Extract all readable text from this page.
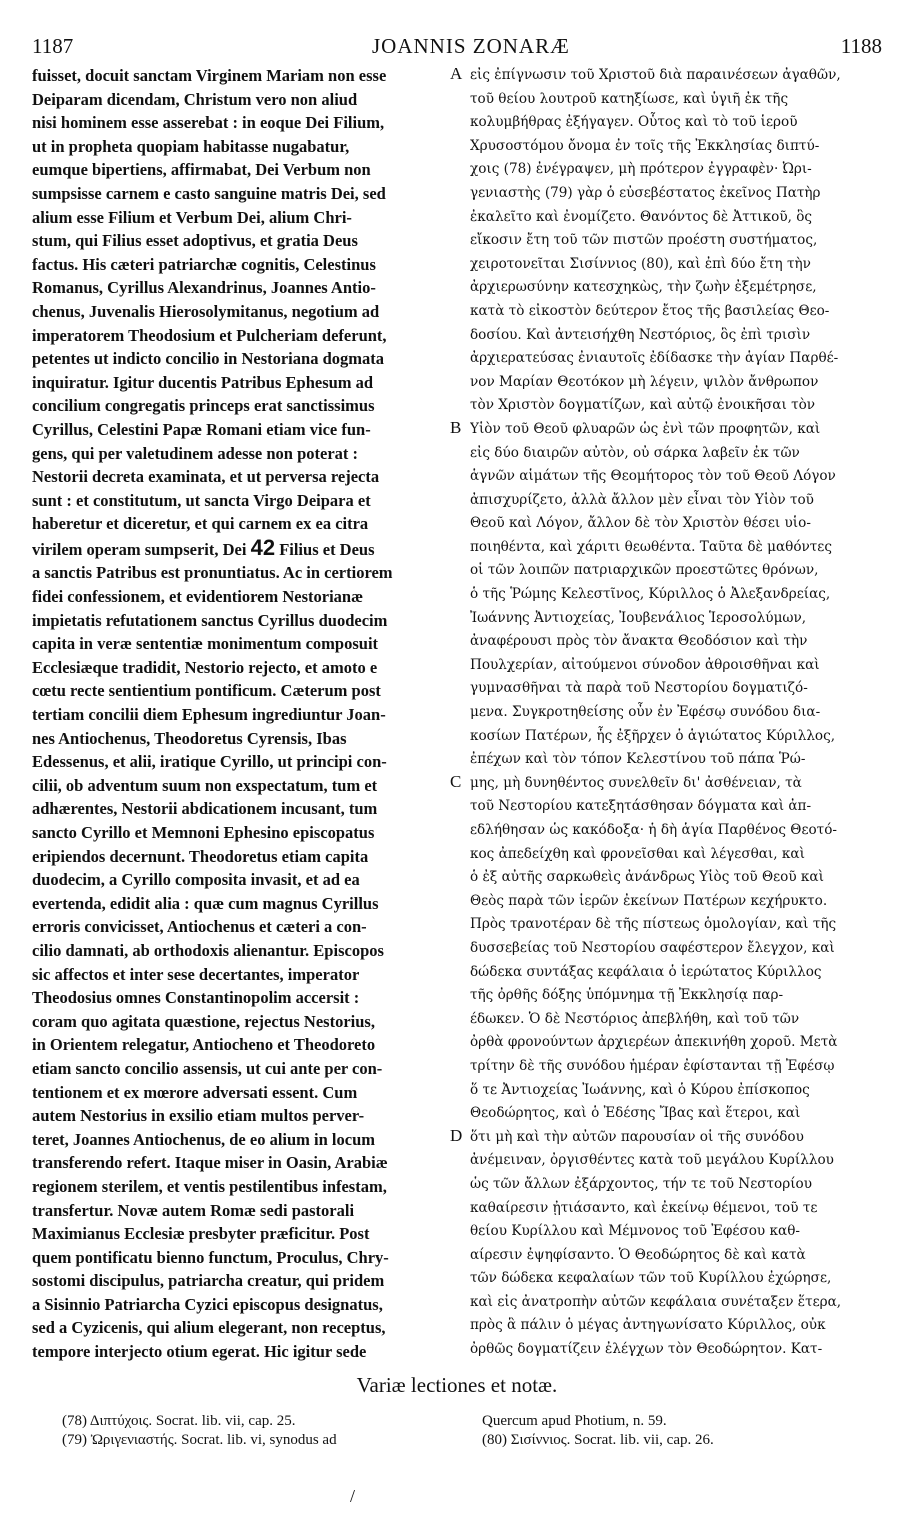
1187	JOANNIS ZONARÆ	1188
fuisset, docuit sanctam Virginem Mariam non esse
Deiparam dicendam, Christum vero non aliud
nisi hominem esse asserebat : in eoque Dei Filium,
ut in propheta quopiam habitasse nugabatur,
eumque bipertiens, affirmabat, Dei Verbum non
sumpsisse carnem e casto sanguine matris Dei, sed
alium esse Filium et Verbum Dei, alium Chri-
stum, qui Filius esset adoptivus, et gratia Deus
factus. His cæteri patriarchæ cognitis, Celestinus
Romanus, Cyrillus Alexandrinus, Joannes Antio-
chenus, Juvenalis Hierosolymitanus, negotium ad
imperatorem Theodosium et Pulcheriam deferunt,
petentes ut indicto concilio in Nestoriana dogmata
inquiratur. Igitur ducentis Patribus Ephesum ad
concilium congregatis princeps erat sanctissimus
Cyrillus, Celestini Papæ Romani etiam vice fun-
gens, qui per valetudinem adesse non poterat :
Nestorii decreta examinata, et ut perversa rejecta
sunt : et constitutum, ut sancta Virgo Deipara et
haberetur et diceretur, et qui carnem ex ea citra
virilem operam sumpserit, Dei 42 Filius et Deus
a sanctis Patribus est pronuntiatus. Ac in certiorem
fidei confessionem, et evidentiorem Nestorianæ
impietatis refutationem sanctus Cyrillus duodecim
capita in veræ sententiæ monimentum composuit
Ecclesiæque tradidit, Nestorio rejecto, et amoto e
cœtu recte sentientium pontificum. Cæterum post
tertiam concilii diem Ephesum ingrediuntur Joan-
nes Antiochenus, Theodoretus Cyrensis, Ibas
Edessenus, et alii, iratique Cyrillo, ut principi con-
cilii, ob adventum suum non exspectatum, tum et
adhærentes, Nestorii abdicationem incusant, tum
sancto Cyrillo et Memnoni Ephesino episcopatus
eripiendos decernunt. Theodoretus etiam capita
duodecim, a Cyrillo composita invasit, et ad ea
evertenda, edidit alia : quæ cum magnus Cyrillus
erroris convicisset, Antiochenus et cæteri a con-
cilio damnati, ab orthodoxis alienantur. Episcopos
sic affectos et inter sese decertantes, imperator
Theodosius omnes Constantinopolim accersit :
coram quo agitata quæstione, rejectus Nestorius,
in Orientem relegatur, Antiocheno et Theodoreto
etiam sancto concilio assensis, ut cui ante per con-
tentionem et ex mœrore adversati essent. Cum
autem Nestorius in exsilio etiam multos perver-
teret, Joannes Antiochenus, de eo alium in locum
transferendo refert. Itaque miser in Oasin, Arabiæ
regionem sterilem, et ventis pestilentibus infestam,
transfertur. Novæ autem Romæ sedi pastorali
Maximianus Ecclesiæ presbyter præficitur. Post
quem pontificatu bienno functum, Proculus, Chry-
sostomi discipulus, patriarcha creatur, qui pridem
a Sisinnio Patriarcha Cyzici episcopus designatus,
sed a Cyzicenis, qui alium elegerant, non receptus,
tempore interjecto otium egerat. Hic igitur sede
εἰς ἐπίγνωσιν τοῦ Χριστοῦ διὰ παραινέσεων ἀγαθῶν,
τοῦ θείου λουτροῦ κατηξίωσε, καὶ ὑγιῆ ἐκ τῆς
κολυμβήθρας ἐξήγαγεν. Οὗτος καὶ τὸ τοῦ ἱεροῦ
Χρυσοστόμου ὄνομα ἐν τοῖς τῆς Ἐκκλησίας διπτύ-
χοις (78) ἐνέγραψεν, μὴ πρότερον ἐγγραφὲν· Ὠρι-
γενιαστὴς (79) γὰρ ὁ εὐσεβέστατος ἐκεῖνος Πατὴρ
ἐκαλεῖτο καὶ ἐνομίζετο. Θανόντος δὲ Ἀττικοῦ, ὃς
εἴκοσιν ἔτη τοῦ τῶν πιστῶν προέστη συστήματος,
χειροτονεῖται Σισίννιος (80), καὶ ἐπὶ δύο ἔτη τὴν
ἀρχιερωσύνην κατεσχηκὼς, τὴν ζωὴν ἐξεμέτρησε,
κατὰ τὸ εἰκοστὸν δεύτερον ἔτος τῆς βασιλείας Θεο-
δοσίου. Καὶ ἀντεισήχθη Νεστόριος, ὃς ἐπὶ τρισὶν
ἀρχιερατεύσας ἐνιαυτοῖς ἐδίδασκε τὴν ἁγίαν Παρθέ-
νον Μαρίαν Θεοτόκον μὴ λέγειν, ψιλὸν ἄνθρωπον
τὸν Χριστὸν δογματίζων, καὶ αὐτῷ ἐνοικῆσαι τὸν
Υἱὸν τοῦ Θεοῦ φλυαρῶν ὡς ἐνὶ τῶν προφητῶν, καὶ
εἰς δύο διαιρῶν αὐτὸν, οὐ σάρκα λαβεῖν ἐκ τῶν
ἁγνῶν αἱμάτων τῆς Θεομήτορος τὸν τοῦ Θεοῦ Λόγον
ἀπισχυρίζετο, ἀλλὰ ἄλλον μὲν εἶναι τὸν Υἱὸν τοῦ
Θεοῦ καὶ Λόγον, ἄλλον δὲ τὸν Χριστὸν θέσει υἱο-
ποιηθέντα, καὶ χάριτι θεωθέντα. Ταῦτα δὲ μαθόντες
οἱ τῶν λοιπῶν πατριαρχικῶν προεστῶτες θρόνων,
ὁ τῆς Ῥώμης Κελεστῖνος, Κύριλλος ὁ Ἀλεξανδρείας,
Ἰωάννης Ἀντιοχείας, Ἰουβενάλιος Ἱεροσολύμων,
ἀναφέρουσι πρὸς τὸν ἄνακτα Θεοδόσιον καὶ τὴν
Πουλχερίαν, αἰτούμενοι σύνοδον ἀθροισθῆναι καὶ
γυμνασθῆναι τὰ παρὰ τοῦ Νεστορίου δογματιζό-
μενα. Συγκροτηθείσης οὖν ἐν Ἐφέσῳ συνόδου δια-
κοσίων Πατέρων, ἧς ἐξῆρχεν ὁ ἁγιώτατος Κύριλλος,
ἐπέχων καὶ τὸν τόπον Κελεστίνου τοῦ πάπα Ῥώ-
μης, μὴ δυνηθέντος συνελθεῖν δι' ἀσθένειαν, τὰ
τοῦ Νεστορίου κατεξητάσθησαν δόγματα καὶ ἀπ-
εδλήθησαν ὡς κακόδοξα· ἡ δὴ ἁγία Παρθένος Θεοτό-
κος ἀπεδείχθη καὶ φρονεῖσθαι καὶ λέγεσθαι, καὶ
ὁ ἐξ αὐτῆς σαρκωθεὶς ἀνάνδρως Υἱὸς τοῦ Θεοῦ καὶ
Θεὸς παρὰ τῶν ἱερῶν ἐκείνων Πατέρων κεχήρυκτο.
Πρὸς τρανοτέραν δὲ τῆς πίστεως ὁμολογίαν, καὶ τῆς
δυσσεβείας τοῦ Νεστορίου σαφέστερον ἔλεγχον, καὶ
δώδεκα συντάξας κεφάλαια ὁ ἱερώτατος Κύριλλος
τῆς ὀρθῆς δόξης ὑπόμνημα τῇ Ἐκκλησίᾳ παρ-
έδωκεν. Ὁ δὲ Νεστόριος ἀπεβλήθη, καὶ τοῦ τῶν
ὀρθὰ φρονούντων ἀρχιερέων ἀπεκινήθη χοροῦ. Μετὰ
τρίτην δὲ τῆς συνόδου ἡμέραν ἐφίστανται τῇ Ἐφέσῳ
ὅ τε Ἀντιοχείας Ἰωάννης, καὶ ὁ Κύρου ἐπίσκοπος
Θεοδώρητος, καὶ ὁ Ἐδέσης Ἴβας καὶ ἕτεροι, καὶ
ὅτι μὴ καὶ τὴν αὐτῶν παρουσίαν οἱ τῆς συνόδου
ἀνέμειναν, ὀργισθέντες κατὰ τοῦ μεγάλου Κυρίλλου
ὡς τῶν ἄλλων ἐξάρχοντος, τήν τε τοῦ Νεστορίου
καθαίρεσιν ᾐτιάσαντο, καὶ ἐκείνῳ θέμενοι, τοῦ τε
θείου Κυρίλλου καὶ Μέμνονος τοῦ Ἐφέσου καθ-
αίρεσιν ἐψηφίσαντο. Ὁ Θεοδώρητος δὲ καὶ κατὰ
τῶν δώδεκα κεφαλαίων τῶν τοῦ Κυρίλλου ἐχώρησε,
καὶ εἰς ἀνατροπὴν αὐτῶν κεφάλαια συνέταξεν ἕτερα,
πρὸς ἃ πάλιν ὁ μέγας ἀντηγωνίσατο Κύριλλος, οὐκ
ὀρθῶς δογματίζειν ἐλέγχων τὸν Θεοδώρητον. Κατ-
A
B
C
D
Variæ lectiones et notæ.
(78) Διπτύχοις. Socrat. lib. vii, cap. 25.
(79) Ὠριγενιαστής. Socrat. lib. vi, synodus ad
Quercum apud Photium, n. 59.
(80) Σισίννιος. Socrat. lib. vii, cap. 26.
/
